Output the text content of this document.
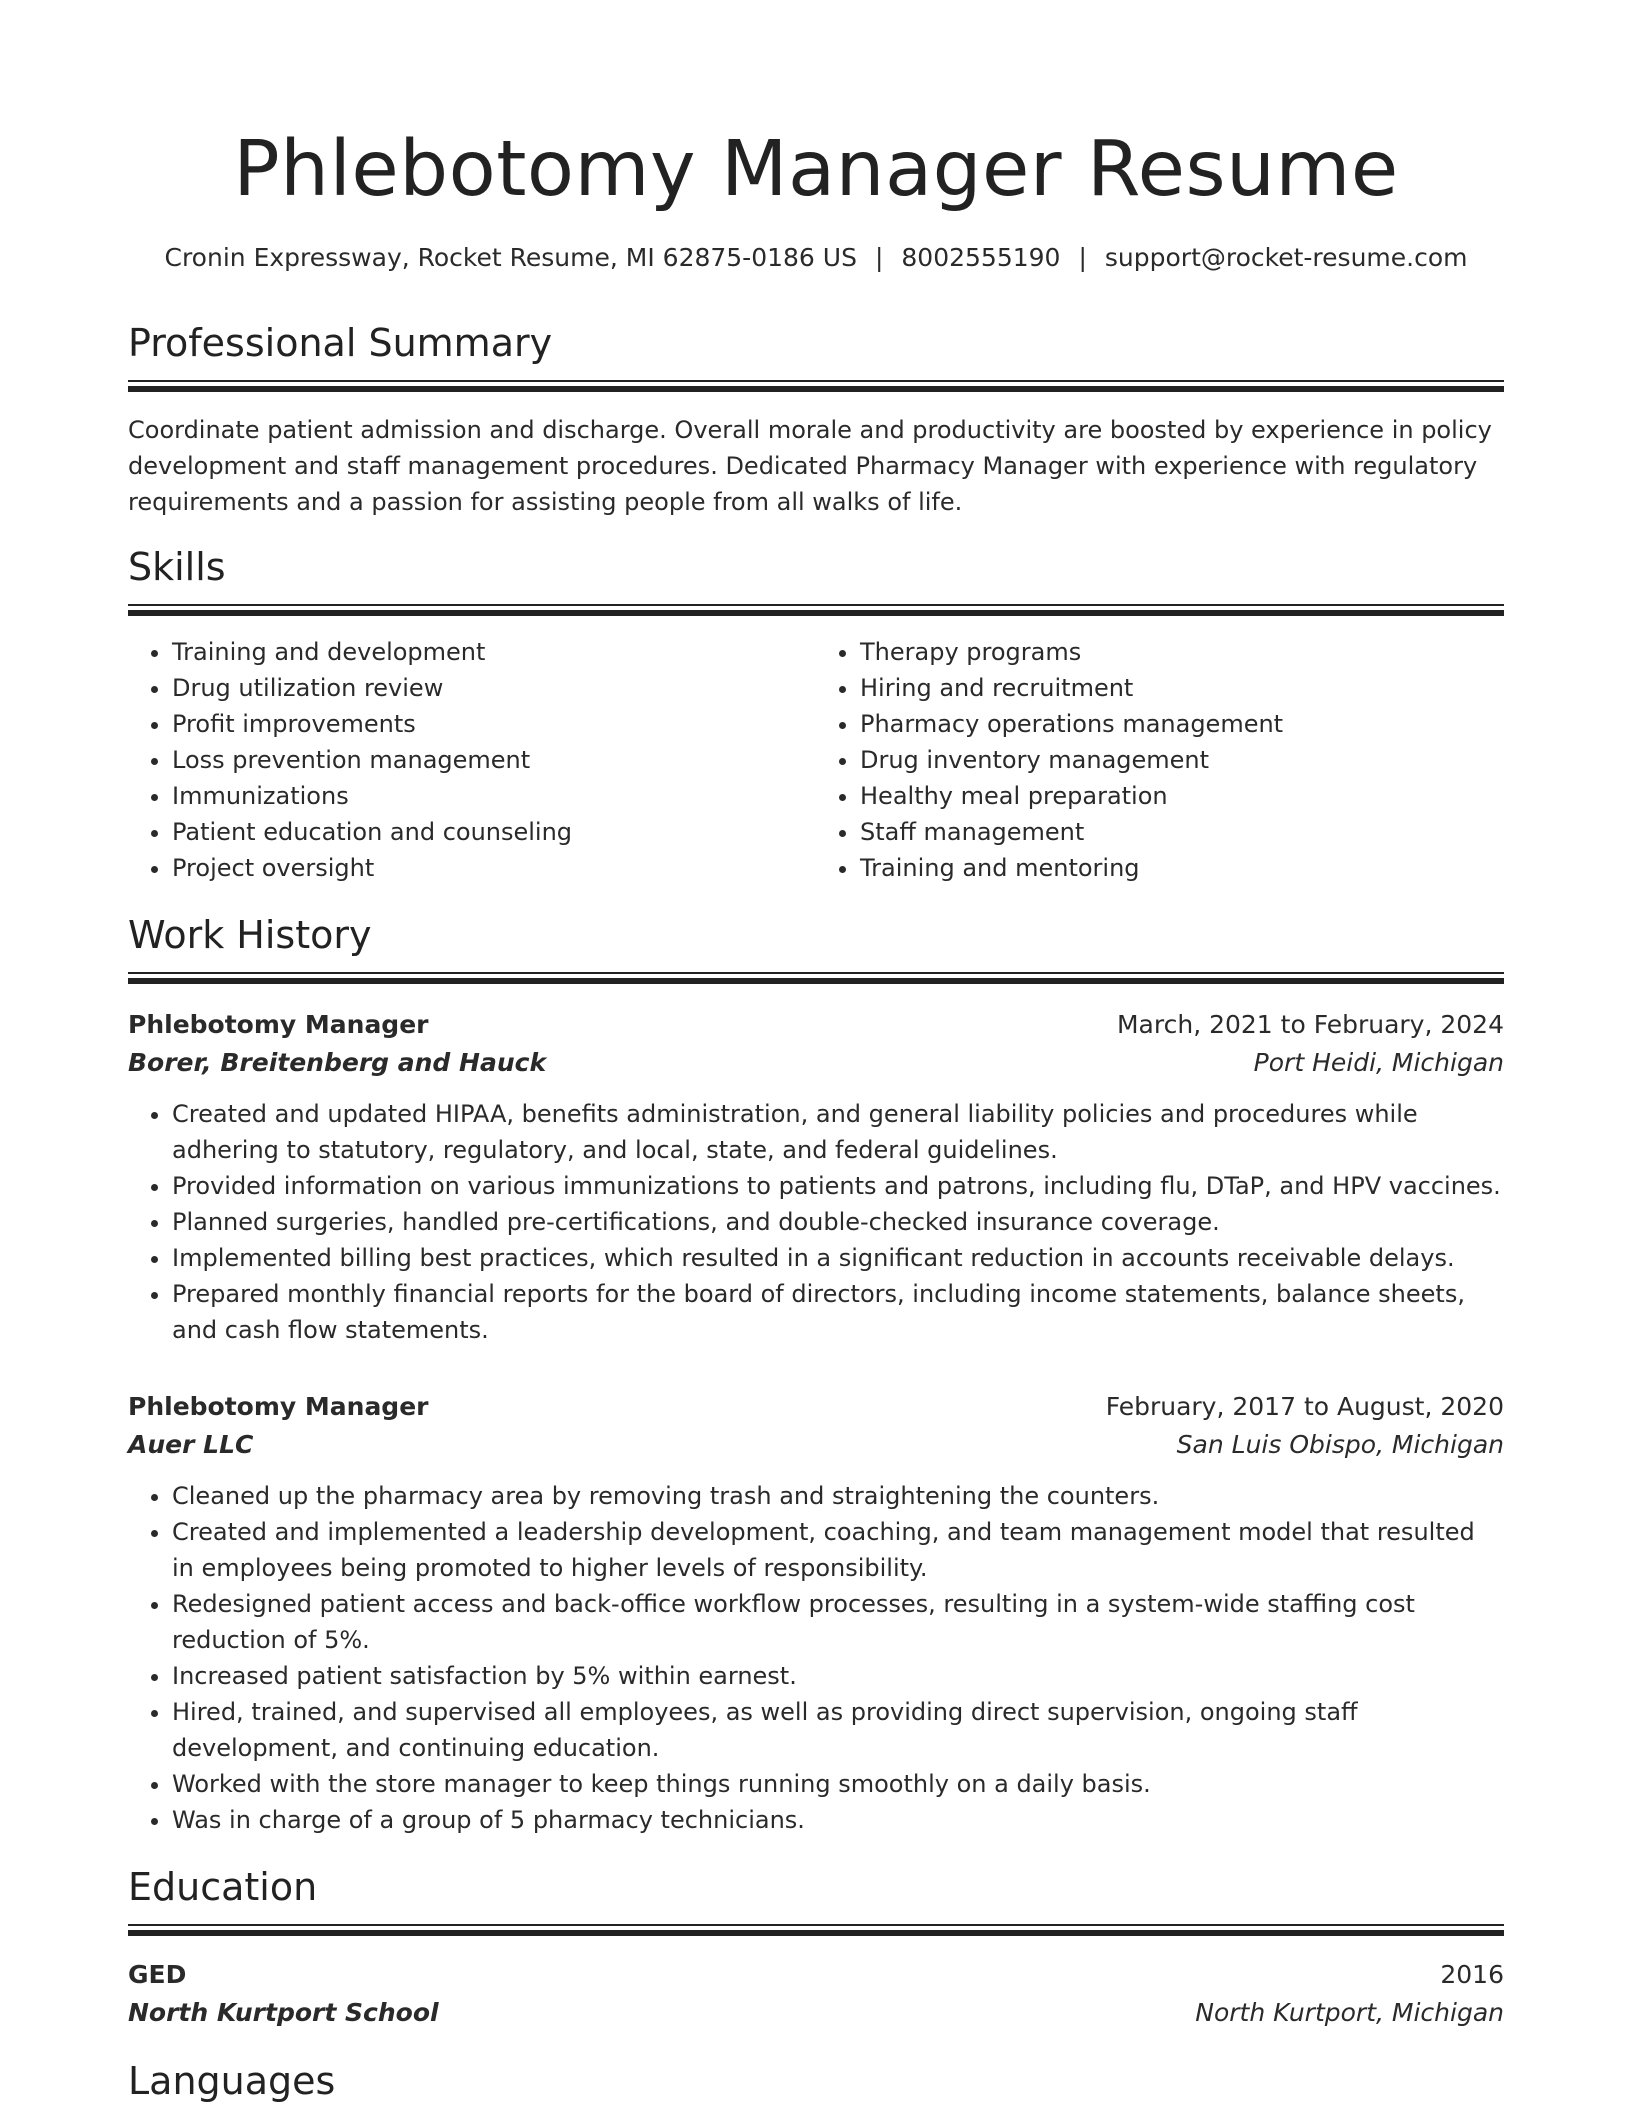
Phlebotomy Manager Resume
Cronin Expressway, Rocket Resume, MI 62875-0186 US | 8002555190 | support@rocket-resume.com
Professional Summary

Coordinate patient admission and discharge. Overall morale and productivity are boosted by experience in policy development and staff management procedures. Dedicated Pharmacy Manager with experience with regulatory requirements and a passion for assisting people from all walks of life.

Skills
• Training and development
• Drug utilization review
• Profit improvements
• Loss prevention management
• Immunizations
• Patient education and counseling
• Project oversight
• Therapy programs
• Hiring and recruitment
• Pharmacy operations management
• Drug inventory management
• Healthy meal preparation
• Staff management
• Training and mentoring
Work History
Phlebotomy Manager	March, 2021 to February, 2024
Borer, Breitenberg and Hauck	Port Heidi, Michigan
• Created and updated HIPAA, benefits administration, and general liability policies and procedures while adhering to statutory, regulatory, and local, state, and federal guidelines.
• Provided information on various immunizations to patients and patrons, including flu, DTaP, and HPV vaccines.
• Planned surgeries, handled pre-certifications, and double-checked insurance coverage.
• Implemented billing best practices, which resulted in a significant reduction in accounts receivable delays.
• Prepared monthly financial reports for the board of directors, including income statements, balance sheets, and cash flow statements.
Phlebotomy Manager	February, 2017 to August, 2020
Auer LLC	San Luis Obispo, Michigan
• Cleaned up the pharmacy area by removing trash and straightening the counters.
• Created and implemented a leadership development, coaching, and team management model that resulted in employees being promoted to higher levels of responsibility.
• Redesigned patient access and back-office workflow processes, resulting in a system-wide staffing cost reduction of 5%.
• Increased patient satisfaction by 5% within earnest.
• Hired, trained, and supervised all employees, as well as providing direct supervision, ongoing staff development, and continuing education.
• Worked with the store manager to keep things running smoothly on a daily basis.
• Was in charge of a group of 5 pharmacy technicians.
Education
GED	2016
North Kurtport School	North Kurtport, Michigan
Languages
